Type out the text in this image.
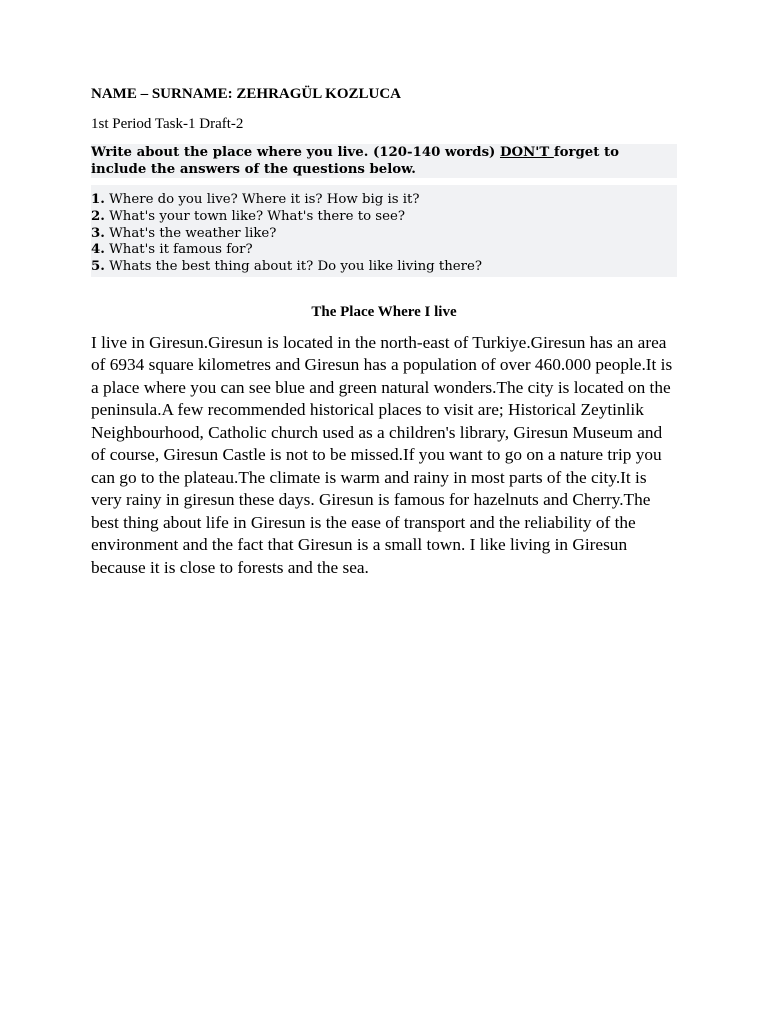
NAME – SURNAME: ZEHRAGÜL KOZLUCA

1st Period Task-1 Draft-2

Write about the place where you live. (120-140 words) DON'T forget to include the answers of the questions below.

1. Where do you live? Where it is? How big is it?
2. What's your town like? What's there to see?
3. What's the weather like?
4. What's it famous for?
5. Whats the best thing about it? Do you like living there?

The Place Where I live

I live in Giresun.Giresun is located in the north-east of Turkiye.Giresun has an area of 6934 square kilometres and Giresun has a population of over 460.000 people.It is a place where you can see blue and green natural wonders.The city is located on the peninsula.A few recommended historical places to visit are; Historical Zeytinlik Neighbourhood, Catholic church used as a children's library, Giresun Museum and of course, Giresun Castle is not to be missed.If you want to go on a nature trip you can go to the plateau.The climate is warm and rainy in most parts of the city.It is very rainy in giresun these days. Giresun is famous for hazelnuts and Cherry.The best thing about life in Giresun is the ease of transport and the reliability of the environment and the fact that Giresun is a small town. I like living in Giresun because it is close to forests and the sea.
